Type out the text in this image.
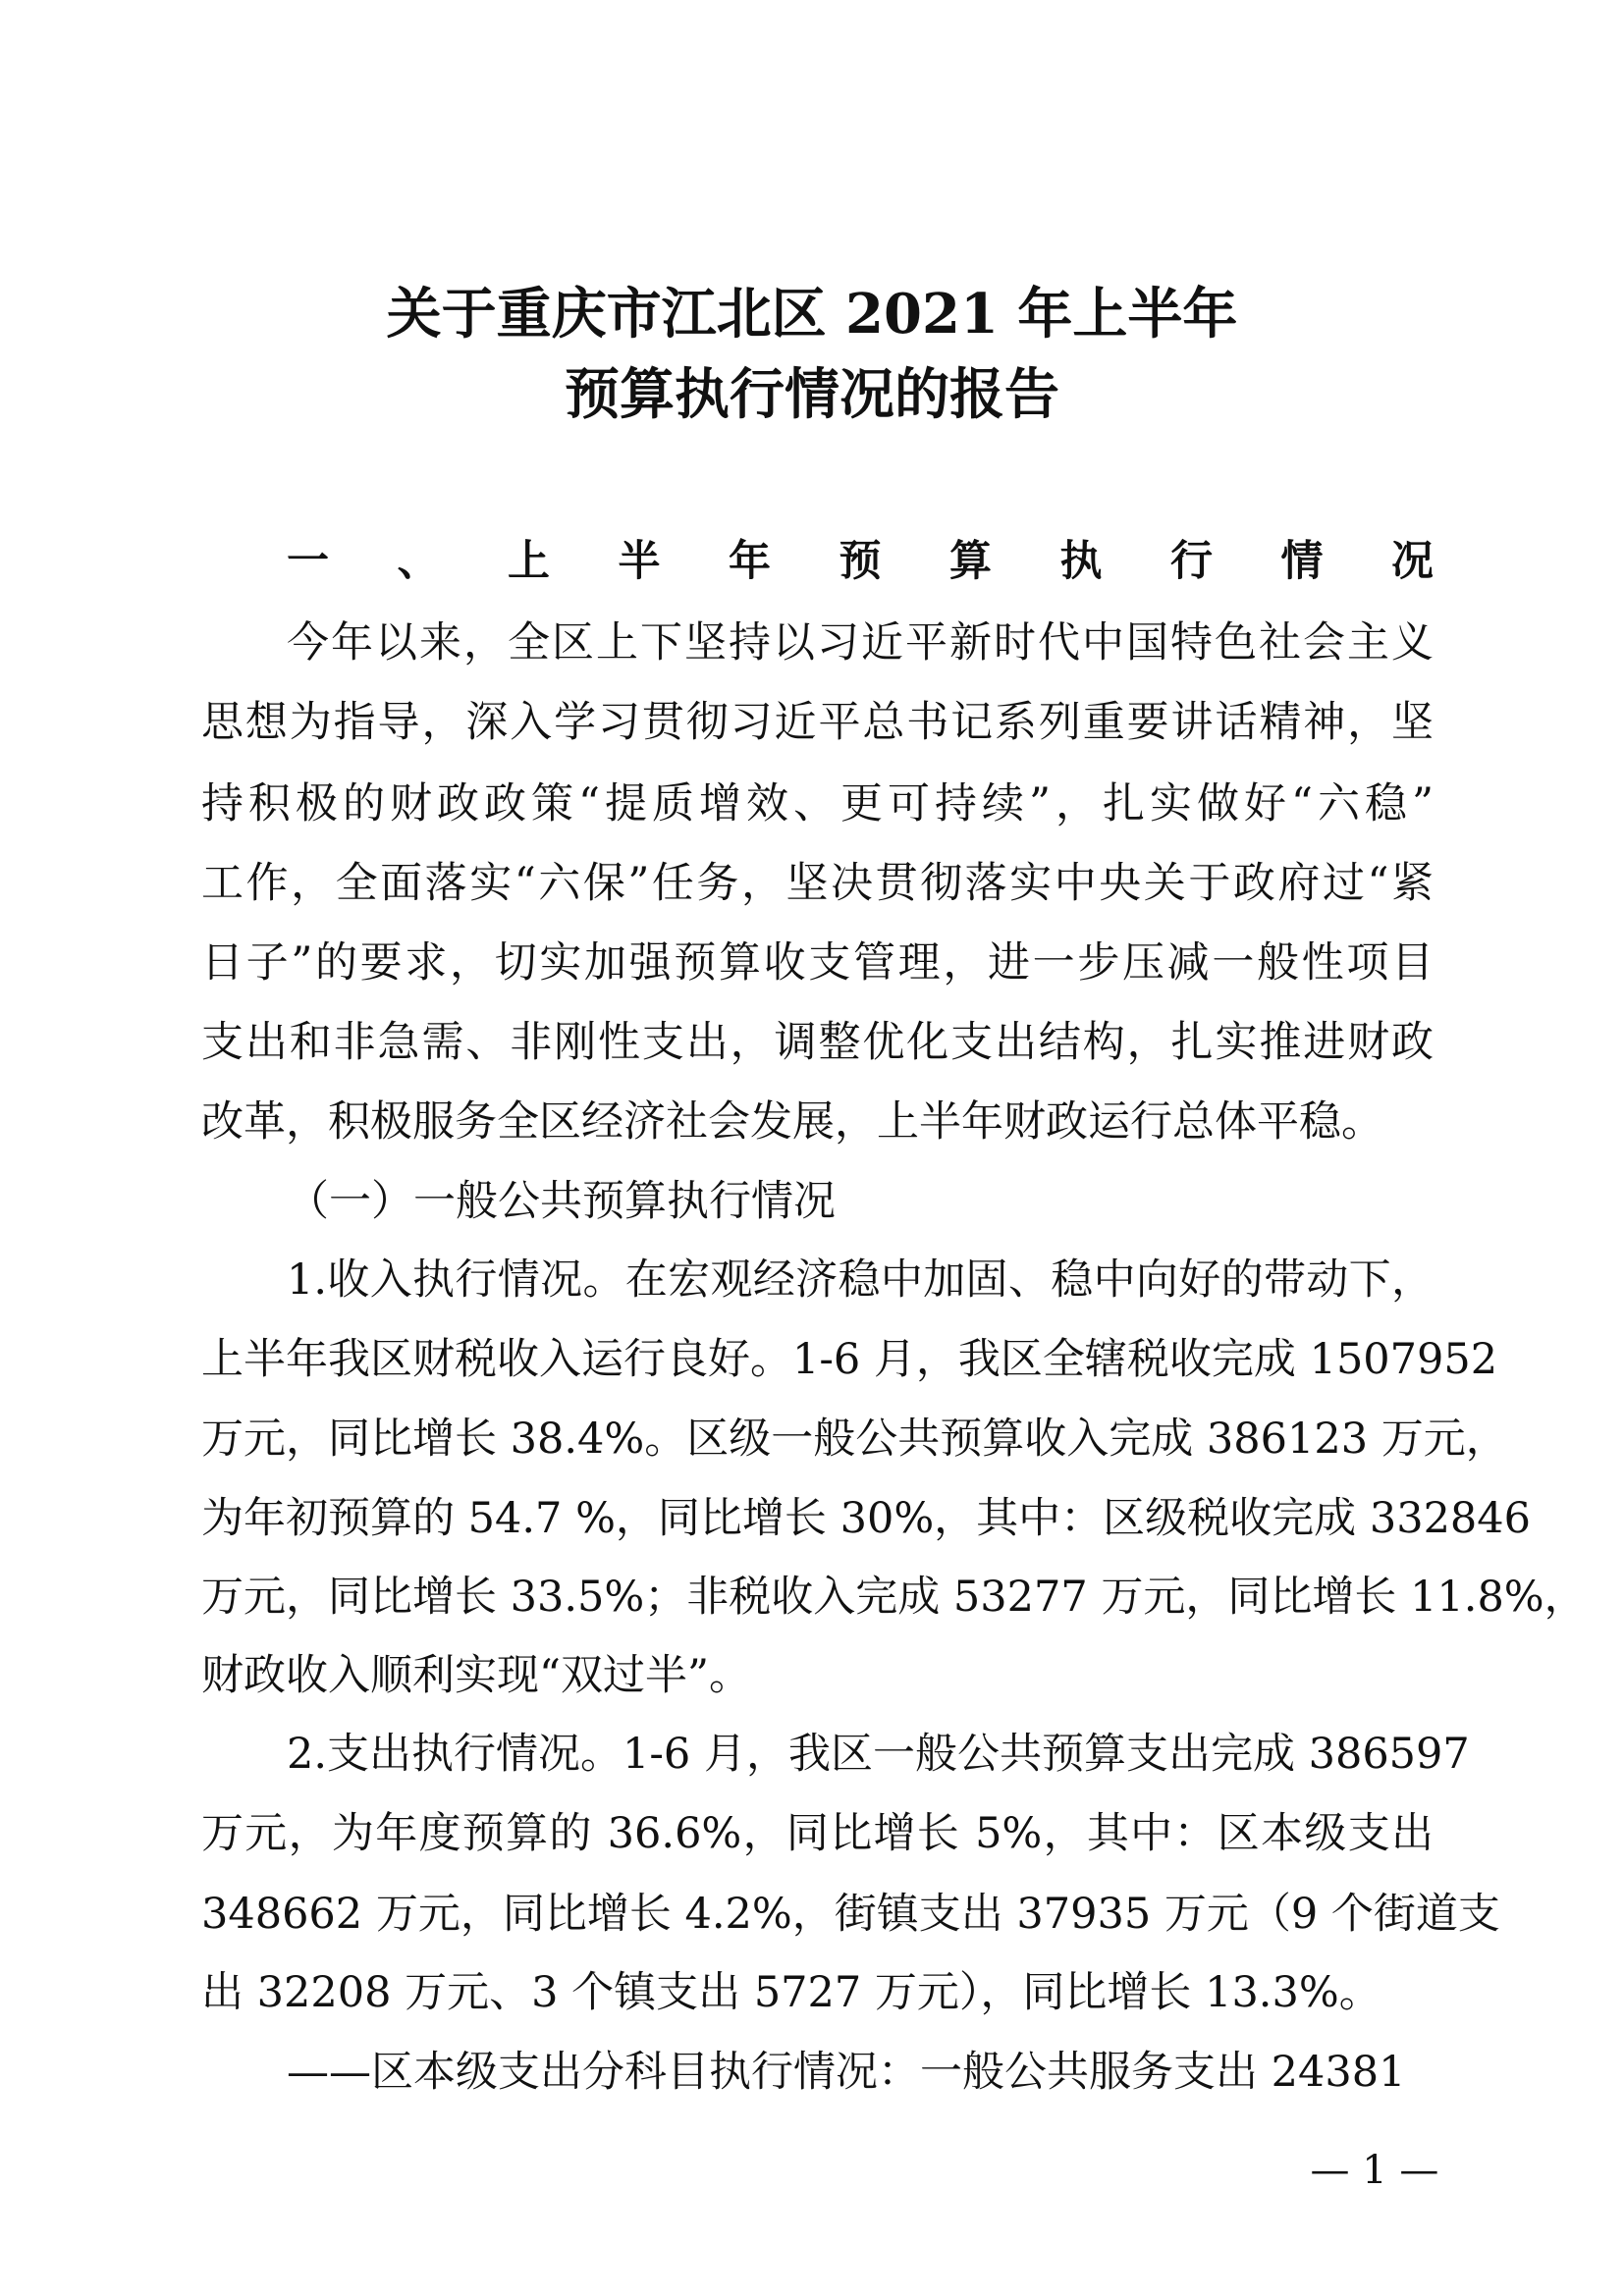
关于重庆市江北区 2021 年上半年
预算执行情况的报告
一、上半年预算执行情况
今年以来，全区上下坚持以习近平新时代中国特色社会主义
思想为指导，深入学习贯彻习近平总书记系列重要讲话精神，坚
持积极的财政政策“提质增效、更可持续”，扎实做好“六稳”
工作，全面落实“六保”任务，坚决贯彻落实中央关于政府过“紧
日子”的要求，切实加强预算收支管理，进一步压减一般性项目
支出和非急需、非刚性支出，调整优化支出结构，扎实推进财政
改革，积极服务全区经济社会发展，上半年财政运行总体平稳。
（一）一般公共预算执行情况
1.收入执行情况。在宏观经济稳中加固、稳中向好的带动下，
上半年我区财税收入运行良好。1-6 月，我区全辖税收完成 1507952
万元，同比增长 38.4%。区级一般公共预算收入完成 386123 万元，
为年初预算的 54.7 %，同比增长 30%，其中：区级税收完成 332846
万元，同比增长 33.5%；非税收入完成 53277 万元，同比增长 11.8%，
财政收入顺利实现“双过半”。
2.支出执行情况。1-6 月，我区一般公共预算支出完成 386597
万元，为年度预算的 36.6%，同比增长 5%，其中：区本级支出
348662 万元，同比增长 4.2%，街镇支出 37935 万元（9 个街道支
出 32208 万元、3 个镇支出 5727 万元），同比增长 13.3%。
——区本级支出分科目执行情况：一般公共服务支出 24381
— 1 —
